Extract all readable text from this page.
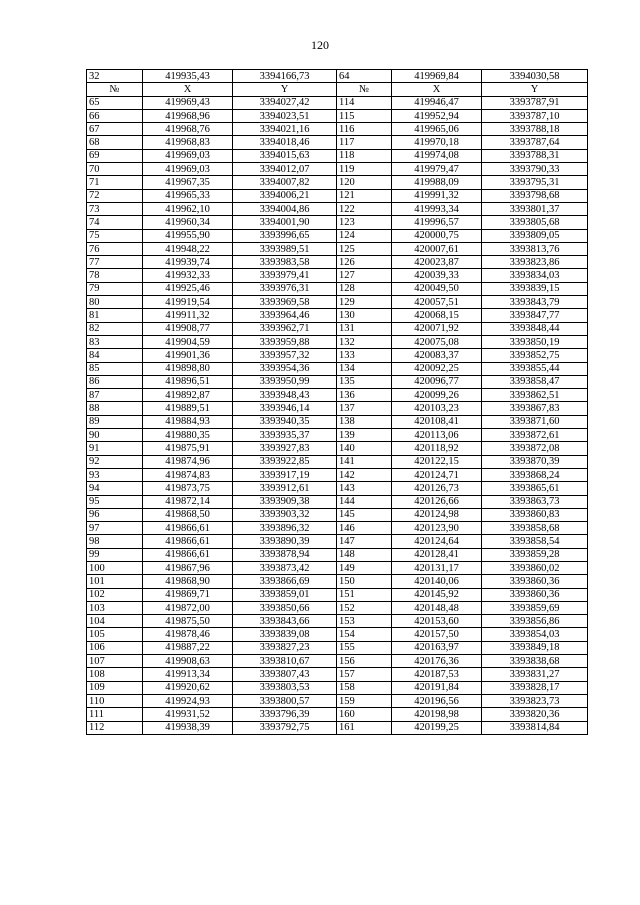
120
32	419935,43	3394166,73	64	419969,84	3394030,58
№	X	Y	№	X	Y
65	419969,43	3394027,42	114	419946,47	3393787,91
66	419968,96	3394023,51	115	419952,94	3393787,10
67	419968,76	3394021,16	116	419965,06	3393788,18
68	419968,83	3394018,46	117	419970,18	3393787,64
69	419969,03	3394015,63	118	419974,08	3393788,31
70	419969,03	3394012,07	119	419979,47	3393790,33
71	419967,35	3394007,82	120	419988,09	3393795,31
72	419965,33	3394006,21	121	419991,32	3393798,68
73	419962,10	3394004,86	122	419993,34	3393801,37
74	419960,34	3394001,90	123	419996,57	3393805,68
75	419955,90	3393996,65	124	420000,75	3393809,05
76	419948,22	3393989,51	125	420007,61	3393813,76
77	419939,74	3393983,58	126	420023,87	3393823,86
78	419932,33	3393979,41	127	420039,33	3393834,03
79	419925,46	3393976,31	128	420049,50	3393839,15
80	419919,54	3393969,58	129	420057,51	3393843,79
81	419911,32	3393964,46	130	420068,15	3393847,77
82	419908,77	3393962,71	131	420071,92	3393848,44
83	419904,59	3393959,88	132	420075,08	3393850,19
84	419901,36	3393957,32	133	420083,37	3393852,75
85	419898,80	3393954,36	134	420092,25	3393855,44
86	419896,51	3393950,99	135	420096,77	3393858,47
87	419892,87	3393948,43	136	420099,26	3393862,51
88	419889,51	3393946,14	137	420103,23	3393867,83
89	419884,93	3393940,35	138	420108,41	3393871,60
90	419880,35	3393935,37	139	420113,06	3393872,61
91	419875,91	3393927,83	140	420118,92	3393872,08
92	419874,96	3393922,85	141	420122,15	3393870,39
93	419874,83	3393917,19	142	420124,71	3393868,24
94	419873,75	3393912,61	143	420126,73	3393865,61
95	419872,14	3393909,38	144	420126,66	3393863,73
96	419868,50	3393903,32	145	420124,98	3393860,83
97	419866,61	3393896,32	146	420123,90	3393858,68
98	419866,61	3393890,39	147	420124,64	3393858,54
99	419866,61	3393878,94	148	420128,41	3393859,28
100	419867,96	3393873,42	149	420131,17	3393860,02
101	419868,90	3393866,69	150	420140,06	3393860,36
102	419869,71	3393859,01	151	420145,92	3393860,36
103	419872,00	3393850,66	152	420148,48	3393859,69
104	419875,50	3393843,66	153	420153,60	3393856,86
105	419878,46	3393839,08	154	420157,50	3393854,03
106	419887,22	3393827,23	155	420163,97	3393849,18
107	419908,63	3393810,67	156	420176,36	3393838,68
108	419913,34	3393807,43	157	420187,53	3393831,27
109	419920,62	3393803,53	158	420191,84	3393828,17
110	419924,93	3393800,57	159	420196,56	3393823,73
111	419931,52	3393796,39	160	420198,98	3393820,36
112	419938,39	3393792,75	161	420199,25	3393814,84
